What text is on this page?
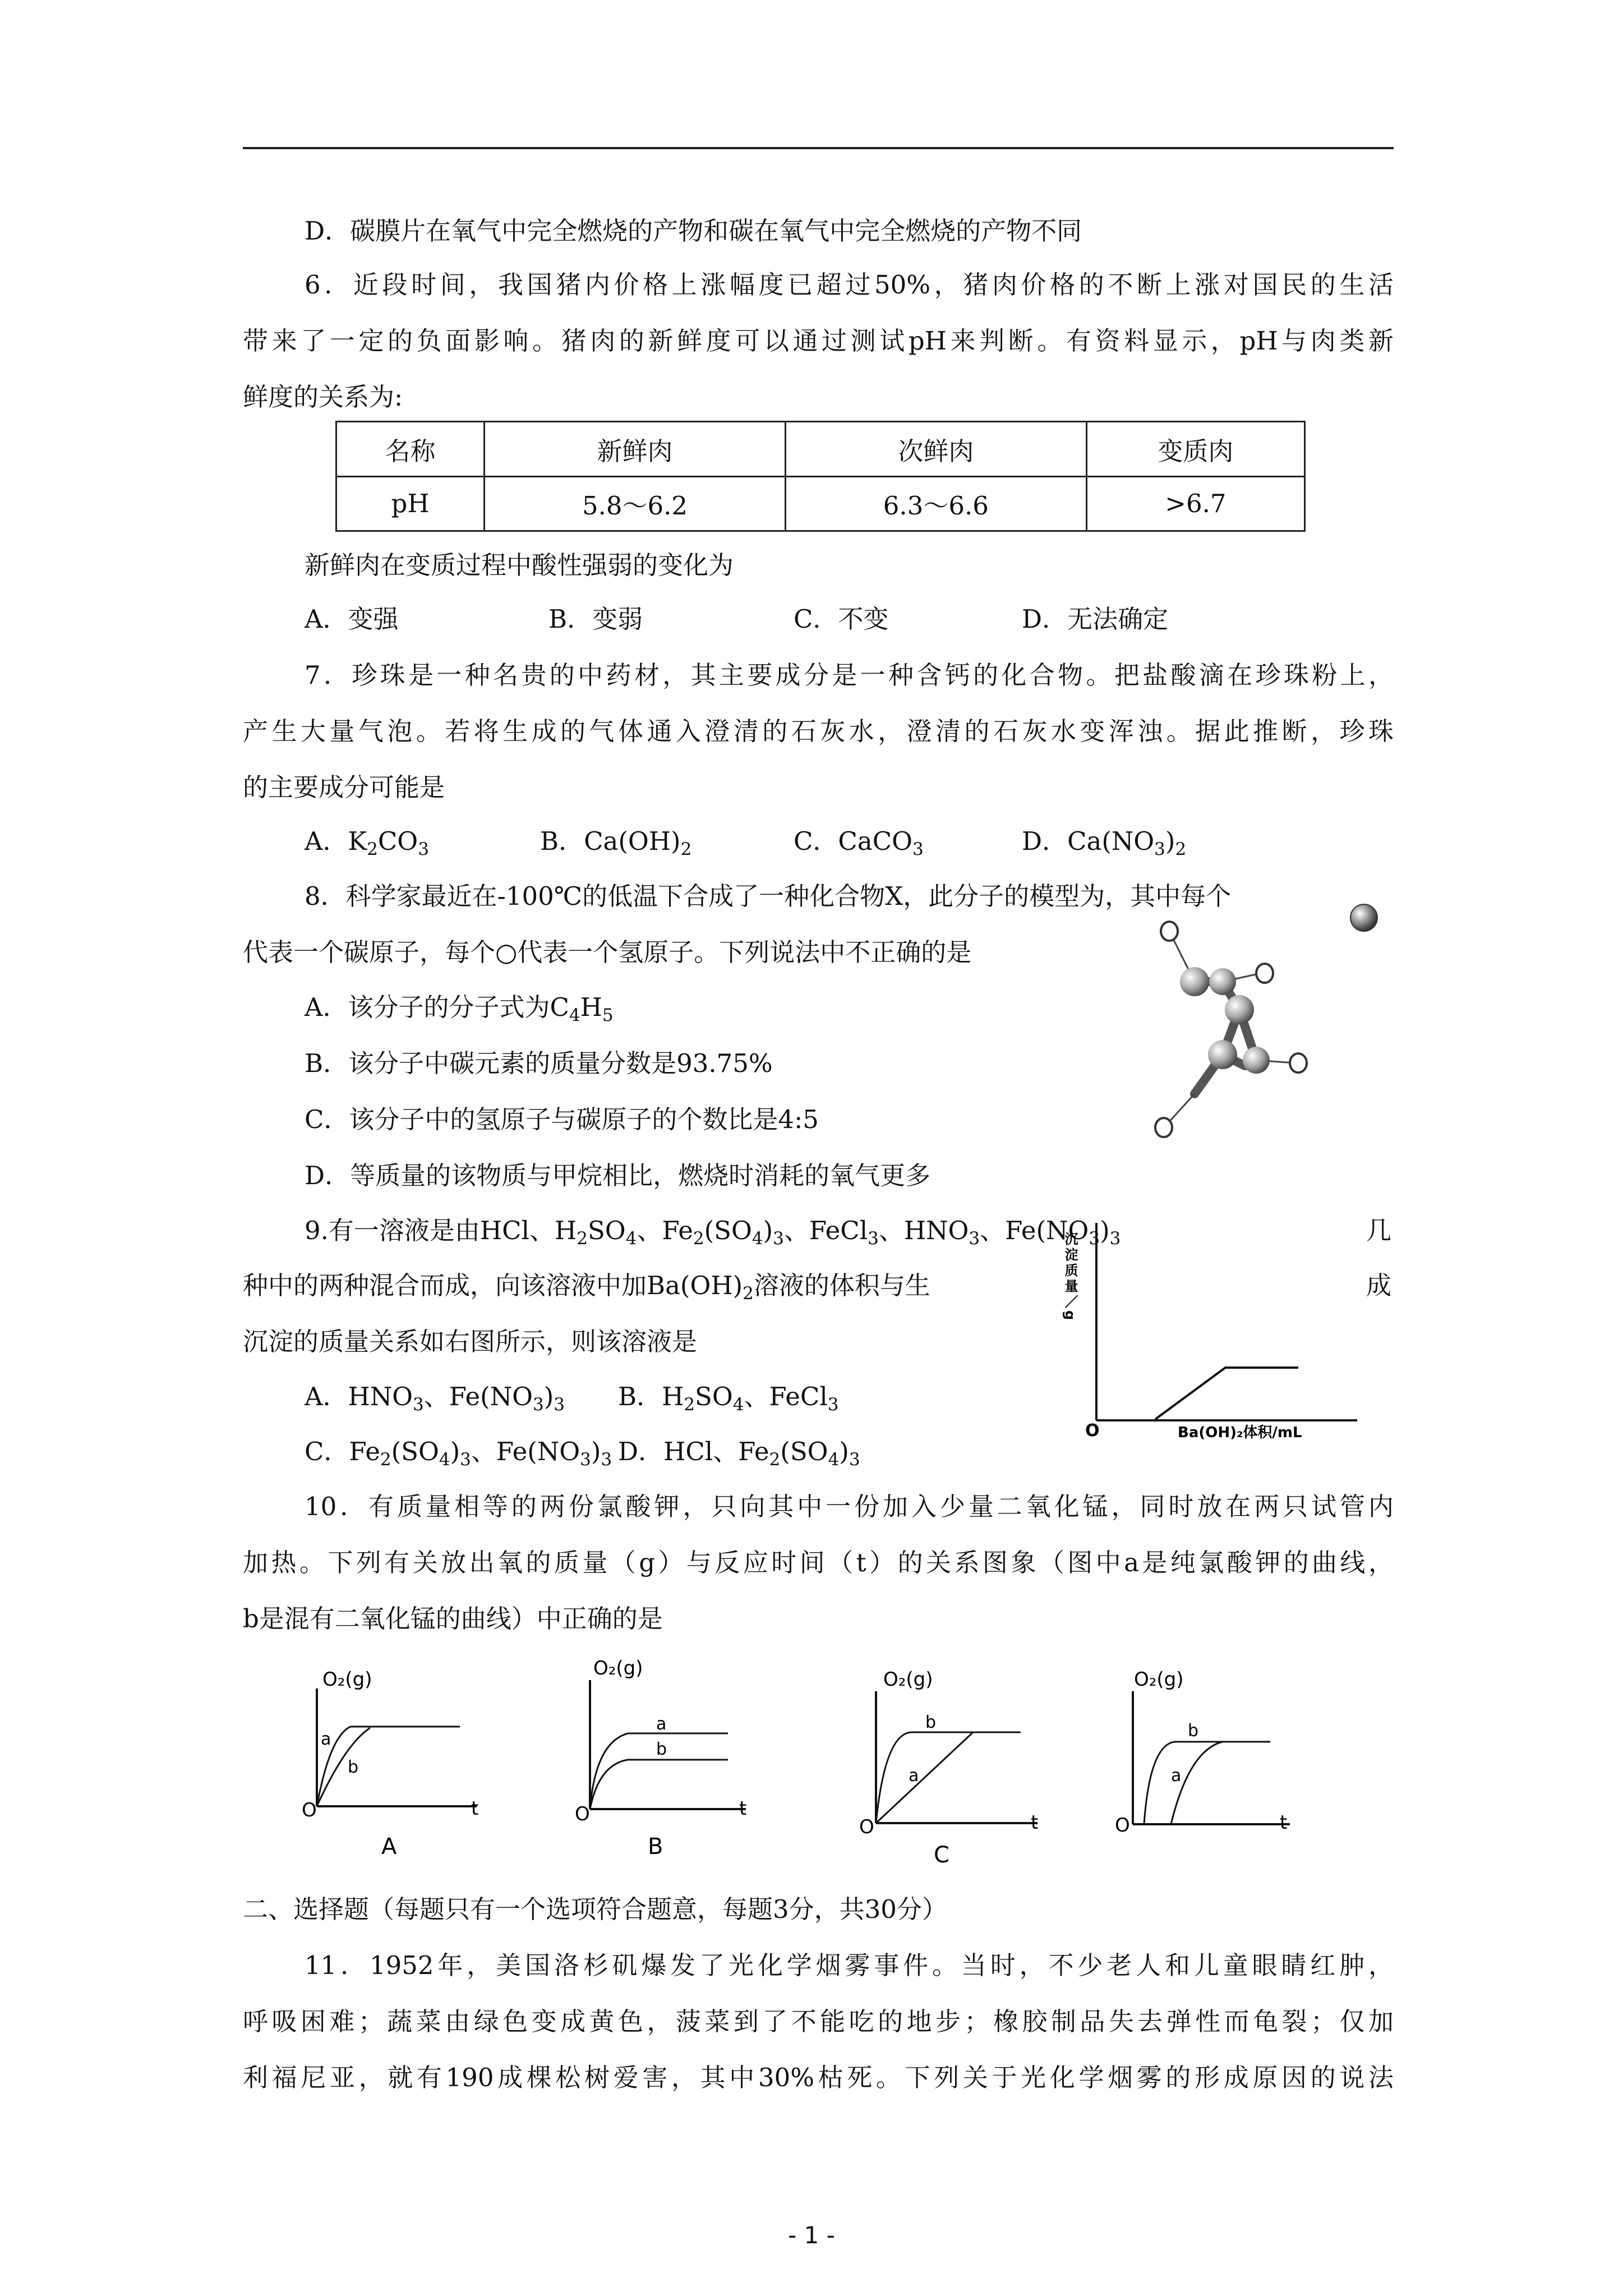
D．碳膜片在氧气中完全燃烧的产物和碳在氧气中完全燃烧的产物不同
6．近段时间，我国猪内价格上涨幅度已超过50%，猪肉价格的不断上涨对国民的生活
带来了一定的负面影响。猪肉的新鲜度可以通过测试pH来判断。有资料显示，pH与肉类新
鲜度的关系为:
名称	新鲜肉	次鲜肉	变质肉
pH	5.8～6.2	6.3～6.6	>6.7
新鲜肉在变质过程中酸性强弱的变化为
A．变强	B．变弱	C．不变	D．无法确定
7．珍珠是一种名贵的中药材，其主要成分是一种含钙的化合物。把盐酸滴在珍珠粉上，
产生大量气泡。若将生成的气体通入澄清的石灰水，澄清的石灰水变浑浊。据此推断，珍珠
的主要成分可能是
A．$K_2CO_3$	B．$Ca(OH)_2$	C．CaCO$_3$	D．$Ca(NO_3)_2$
8．科学家最近在-100℃的低温下合成了一种化合物X，此分子的模型为，其中每个
代表一个碳原子，每个○代表一个氢原子。下列说法中不正确的是
A．该分子的分子式为$C_4H_5$
B．该分子中碳元素的质量分数是93.75%
C．该分子中的氢原子与碳原子的个数比是4:5
D．等质量的该物质与甲烷相比，燃烧时消耗的氧气更多
9.有一溶液是由HCl、$H_2SO_4$、$Fe_2(SO_4)_3$、FeCl$_3$、$HNO_3$、$Fe(NO_3)_3$	几
种中的两种混合而成，向该溶液中加$Ba(OH)_2$溶液的体积与生	成
沉淀的质量关系如右图所示，则该溶液是
A．$HNO_3$、$Fe(NO_3)_3$ B．$H_2SO_4$、FeCl$_3$
C．$Fe_2(SO_4)_3$、$Fe(NO_3)_3$ D．HCl、$Fe_2(SO_4)_3$
O	Ba(OH)₂体积/mL
沉淀质量／g
10．有质量相等的两份氯酸钾，只向其中一份加入少量二氧化锰，同时放在两只试管内
加热。下列有关放出氧的质量（g）与反应时间（t）的关系图象（图中a是纯氯酸钾的曲线，
b是混有二氧化锰的曲线）中正确的是
O₂(g)
a
b
O	t
A
O₂(g)
a
b
O	t
B
O₂(g)
b
a
O	t
C
O₂(g)
b
a
O	t
二、选择题（每题只有一个选项符合题意，每题3分，共30分）
11．1952年，美国洛杉矶爆发了光化学烟雾事件。当时，不少老人和儿童眼睛红肿，
呼吸困难；蔬菜由绿色变成黄色，菠菜到了不能吃的地步；橡胶制品失去弹性而龟裂；仅加
利福尼亚，就有190成棵松树爱害，其中30%枯死。下列关于光化学烟雾的形成原因的说法
- 1 -
